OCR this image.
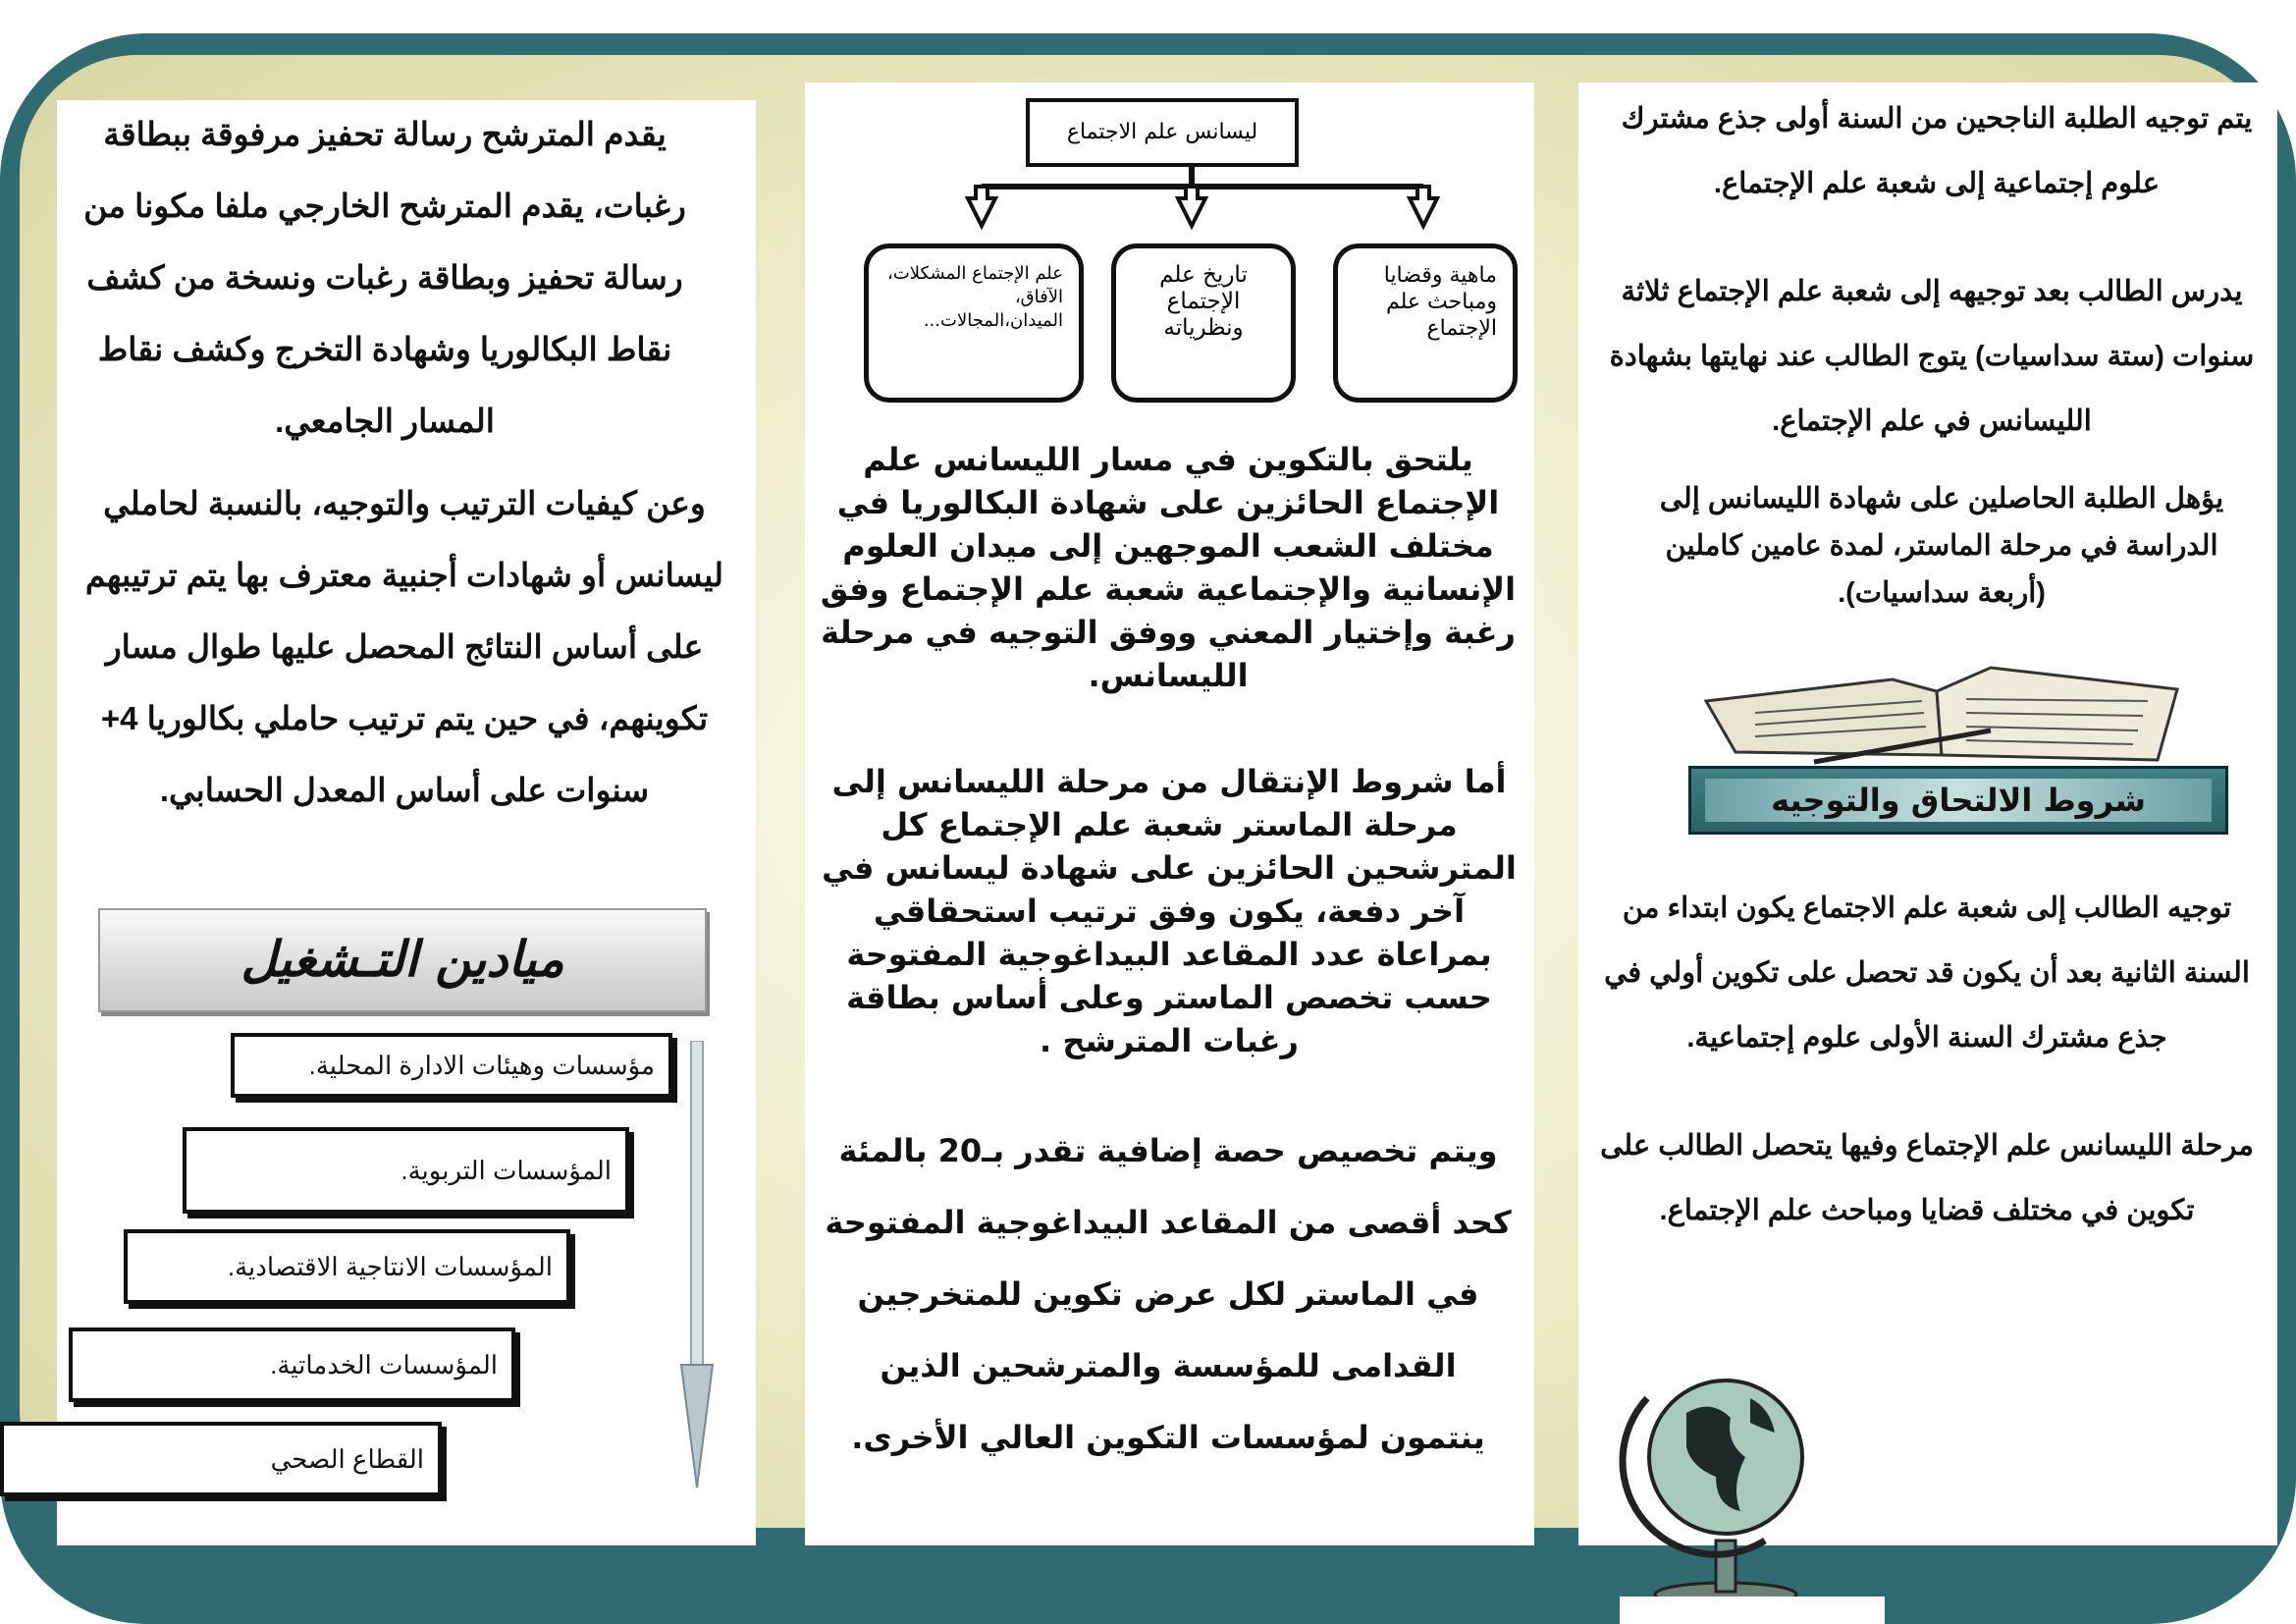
يتم توجيه الطلبة الناجحين من السنة أولى جذع مشترك علوم إجتماعية إلى شعبة علم الإجتماع.

يدرس الطالب بعد توجيهه إلى شعبة علم الإجتماع ثلاثة سنوات (ستة سداسيات) يتوج الطالب عند نهايتها بشهادة الليسانس في علم الإجتماع.

يؤهل الطلبة الحاصلين على شهادة الليسانس إلى الدراسة في مرحلة الماستر، لمدة عامين كاملين (أربعة سداسيات).

شروط الالتحاق والتوجيه

توجيه الطالب إلى شعبة علم الاجتماع يكون ابتداء من السنة الثانية بعد أن يكون قد تحصل على تكوين أولي في جذع مشترك السنة الأولى علوم إجتماعية.

مرحلة الليسانس علم الإجتماع وفيها يتحصل الطالب على تكوين في مختلف قضايا ومباحث علم الإجتماع.

ليسانس علم الاجتماع
ماهية وقضايا ومباحث علم الإجتماع
تاريخ علم الإجتماع ونظرياته
علم الإجتماع المشكلات، الآفاق، الميدان،المجالات...

يلتحق بالتكوين في مسار الليسانس علم الإجتماع الحائزين على شهادة البكالوريا في مختلف الشعب الموجهين إلى ميدان العلوم الإنسانية والإجتماعية شعبة علم الإجتماع وفق رغبة وإختيار المعني ووفق التوجيه في مرحلة الليسانس.

أما شروط الإنتقال من مرحلة الليسانس إلى مرحلة الماستر شعبة علم الإجتماع كل المترشحين الحائزين على شهادة ليسانس في آخر دفعة، يكون وفق ترتيب استحقاقي بمراعاة عدد المقاعد البيداغوجية المفتوحة حسب تخصص الماستر وعلى أساس بطاقة رغبات المترشح .

ويتم تخصيص حصة إضافية تقدر بـ20 بالمئة كحد أقصى من المقاعد البيداغوجية المفتوحة في الماستر لكل عرض تكوين للمتخرجين القدامى للمؤسسة والمترشحين الذين ينتمون لمؤسسات التكوين العالي الأخرى.

يقدم المترشح رسالة تحفيز مرفوقة ببطاقة رغبات، يقدم المترشح الخارجي ملفا مكونا من رسالة تحفيز وبطاقة رغبات ونسخة من كشف نقاط البكالوريا وشهادة التخرج وكشف نقاط المسار الجامعي.

وعن كيفيات الترتيب والتوجيه، بالنسبة لحاملي ليسانس أو شهادات أجنبية معترف بها يتم ترتيبهم على أساس النتائج المحصل عليها طوال مسار تكوينهم، في حين يتم ترتيب حاملي بكالوريا 4+ سنوات على أساس المعدل الحسابي.

ميادين التـشغيل
مؤسسات وهيئات الادارة المحلية.
المؤسسات التربوية.
المؤسسات الانتاجية الاقتصادية.
المؤسسات الخدماتية.
القطاع الصحي
